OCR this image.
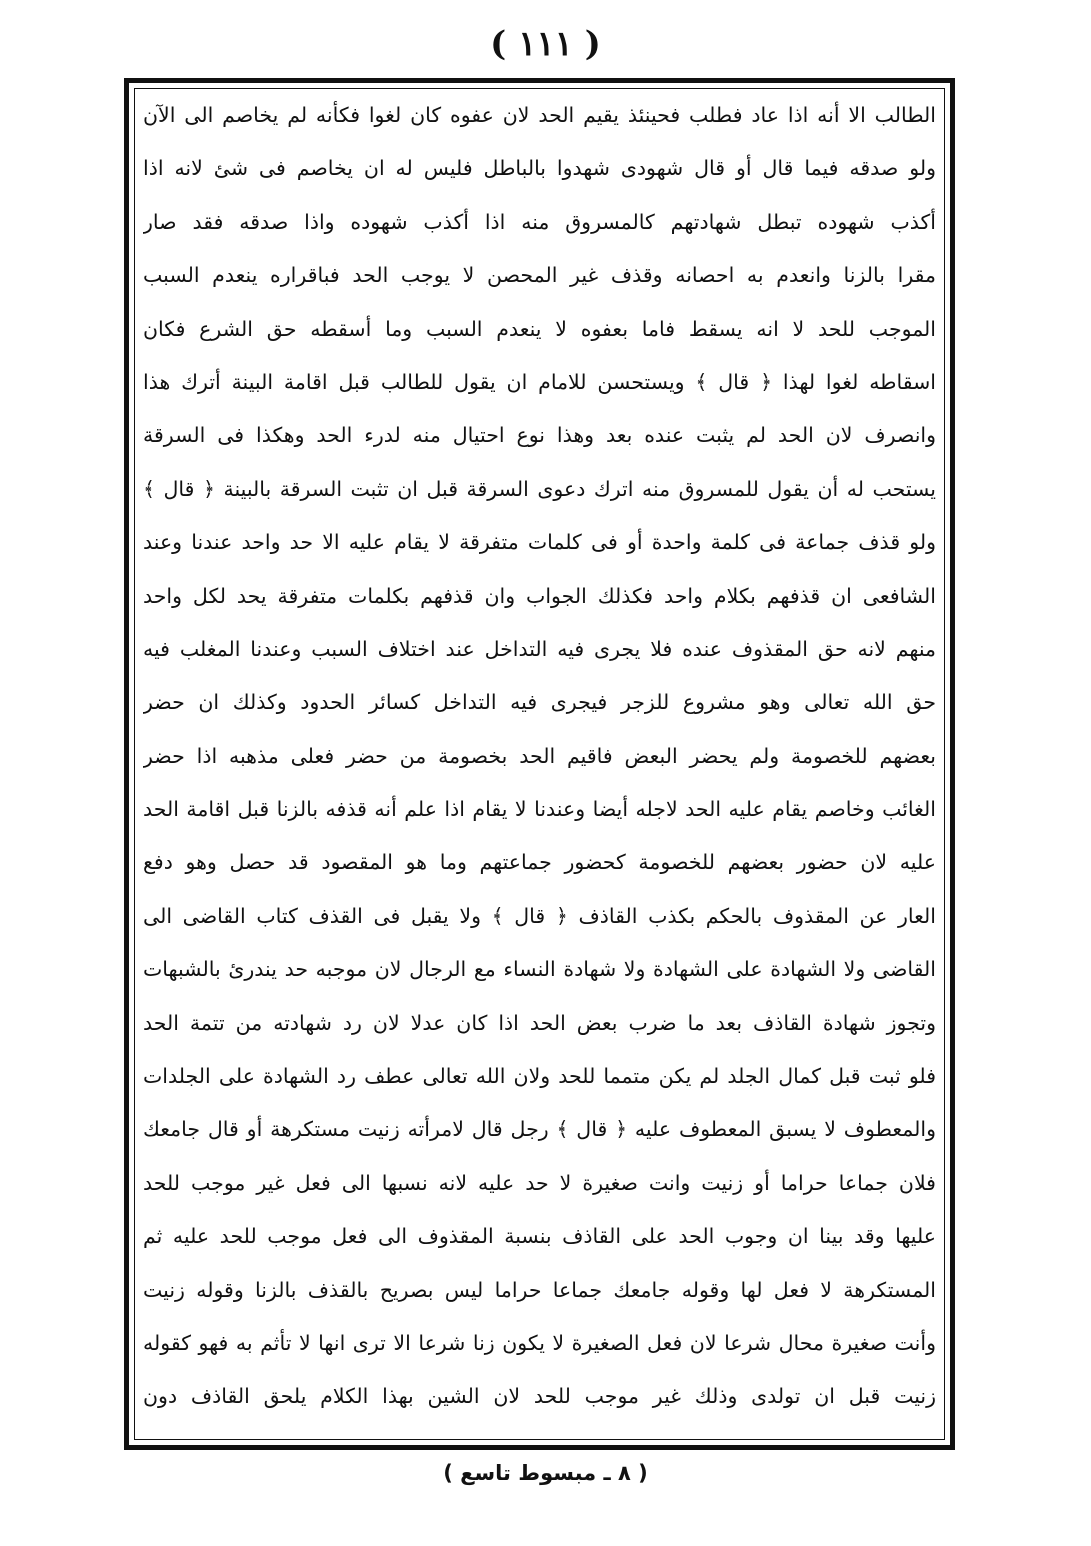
( ١١١ )
الطالب الا أنه اذا عاد فطلب فحينئذ يقيم الحد لان عفوه كان لغوا فكأنه لم يخاصم الى الآن
ولو صدقه فيما قال أو قال شهودى شهدوا بالباطل فليس له ان يخاصم فى شئ لانه اذا
أكذب شهوده تبطل شهادتهم كالمسروق منه اذا أكذب شهوده واذا صدقه فقد صار
مقرا بالزنا وانعدم به احصانه وقذف غير المحصن لا يوجب الحد فباقراره ينعدم السبب
الموجب للحد لا انه يسقط فاما بعفوه لا ينعدم السبب وما أسقطه حق الشرع فكان
اسقاطه لغوا لهذا ﴿ قال ﴾ ويستحسن للامام ان يقول للطالب قبل اقامة البينة أترك هذا
وانصرف لان الحد لم يثبت عنده بعد وهذا نوع احتيال منه لدرء الحد وهكذا فى السرقة
يستحب له أن يقول للمسروق منه اترك دعوى السرقة قبل ان تثبت السرقة بالبينة ﴿ قال ﴾
ولو قذف جماعة فى كلمة واحدة أو فى كلمات متفرقة لا يقام عليه الا حد واحد عندنا وعند
الشافعى ان قذفهم بكلام واحد فكذلك الجواب وان قذفهم بكلمات متفرقة يحد لكل واحد
منهم لانه حق المقذوف عنده فلا يجرى فيه التداخل عند اختلاف السبب وعندنا المغلب فيه
حق الله تعالى وهو مشروع للزجر فيجرى فيه التداخل كسائر الحدود وكذلك ان حضر
بعضهم للخصومة ولم يحضر البعض فاقيم الحد بخصومة من حضر فعلى مذهبه اذا حضر
الغائب وخاصم يقام عليه الحد لاجله أيضا وعندنا لا يقام اذا علم أنه قذفه بالزنا قبل اقامة الحد
عليه لان حضور بعضهم للخصومة كحضور جماعتهم وما هو المقصود قد حصل وهو دفع
العار عن المقذوف بالحكم بكذب القاذف ﴿ قال ﴾ ولا يقبل فى القذف كتاب القاضى الى
القاضى ولا الشهادة على الشهادة ولا شهادة النساء مع الرجال لان موجبه حد يندرئ بالشبهات
وتجوز شهادة القاذف بعد ما ضرب بعض الحد اذا كان عدلا لان رد شهادته من تتمة الحد
فلو ثبت قبل كمال الجلد لم يكن متمما للحد ولان الله تعالى عطف رد الشهادة على الجلدات
والمعطوف لا يسبق المعطوف عليه ﴿ قال ﴾ رجل قال لامرأته زنيت مستكرهة أو قال جامعك
فلان جماعا حراما أو زنيت وانت صغيرة لا حد عليه لانه نسبها الى فعل غير موجب للحد
عليها وقد بينا ان وجوب الحد على القاذف بنسبة المقذوف الى فعل موجب للحد عليه ثم
المستكرهة لا فعل لها وقوله جامعك جماعا حراما ليس بصريح بالقذف بالزنا وقوله زنيت
وأنت صغيرة محال شرعا لان فعل الصغيرة لا يكون زنا شرعا الا ترى انها لا تأثم به فهو كقوله
زنيت قبل ان تولدى وذلك غير موجب للحد لان الشين بهذا الكلام يلحق القاذف دون
( ٨ ـ مبسوط تاسع )
